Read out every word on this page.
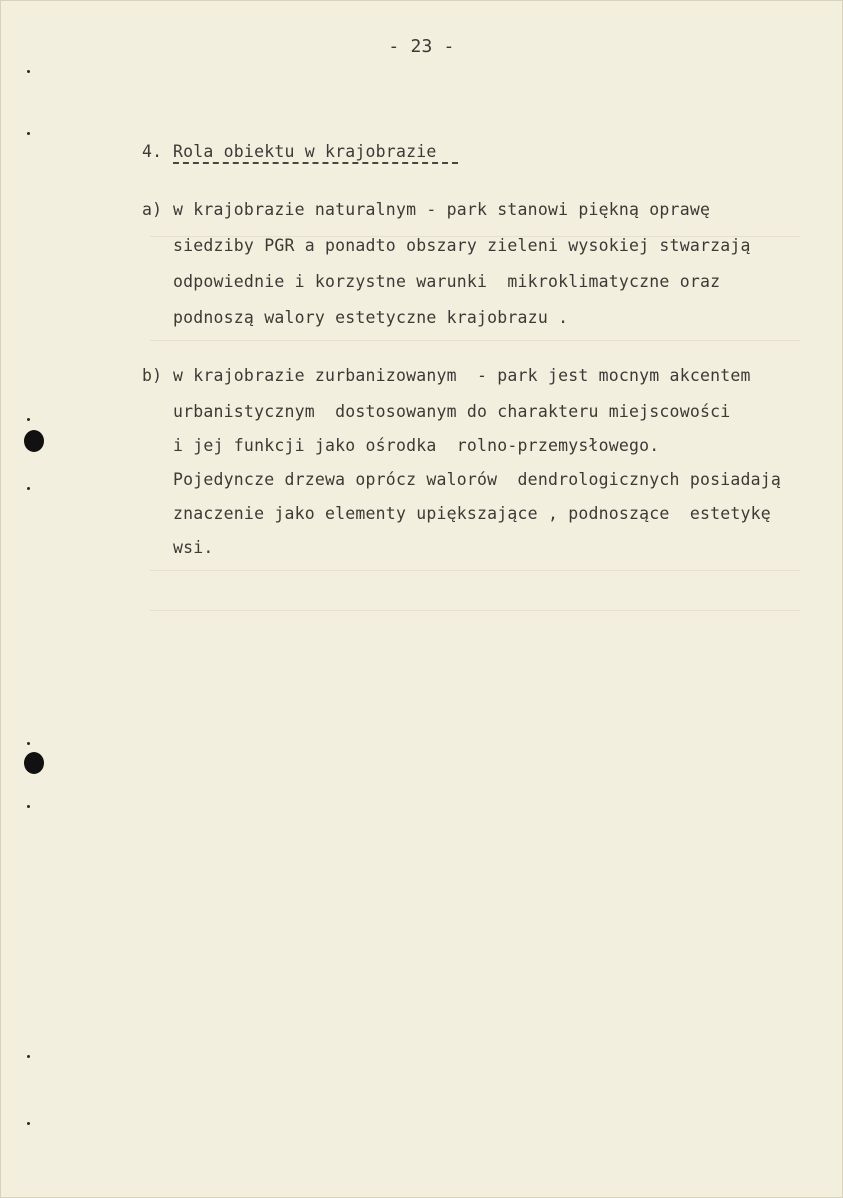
- 23 -
4. Rola obiektu w krajobrazie
a) w krajobrazie naturalnym - park stanowi piękną oprawę
siedziby PGR a ponadto obszary zieleni wysokiej stwarzają
odpowiednie i korzystne warunki  mikroklimatyczne oraz
podnoszą walory estetyczne krajobrazu .
b) w krajobrazie zurbanizowanym  - park jest mocnym akcentem
urbanistycznym  dostosowanym do charakteru miejscowości
i jej funkcji jako ośrodka  rolno-przemysłowego.
Pojedyncze drzewa oprócz walorów  dendrologicznych posiadają
znaczenie jako elementy upiększające , podnoszące  estetykę
wsi.
